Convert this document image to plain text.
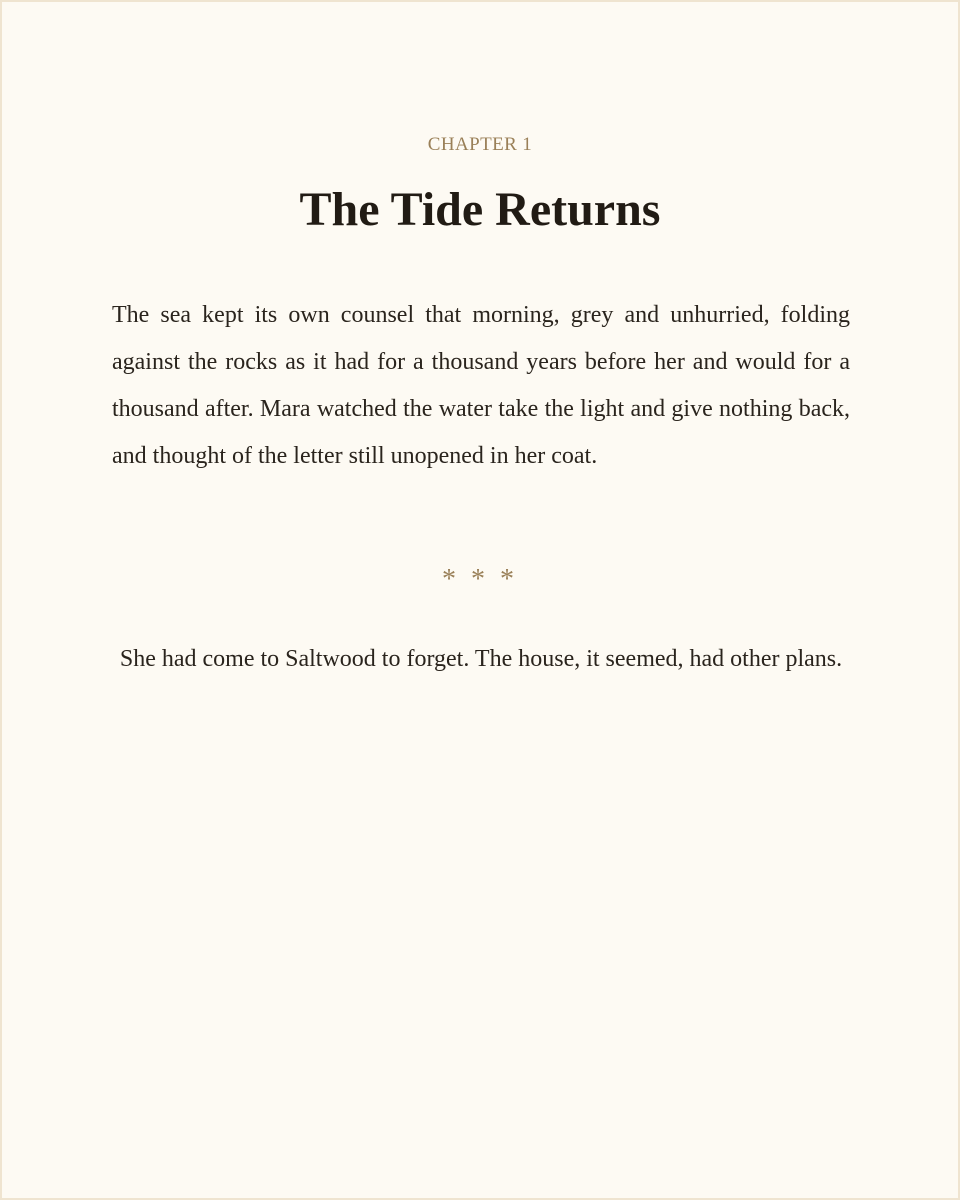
CHAPTER 1
The Tide Returns

The sea kept its own counsel that morning, grey and unhurried, folding against the rocks as it had for a thousand years before her and would for a thousand after. Mara watched the water take the light and give nothing back, and thought of the letter still unopened in her coat.

* * *

She had come to Saltwood to forget. The house, it seemed, had other plans.
